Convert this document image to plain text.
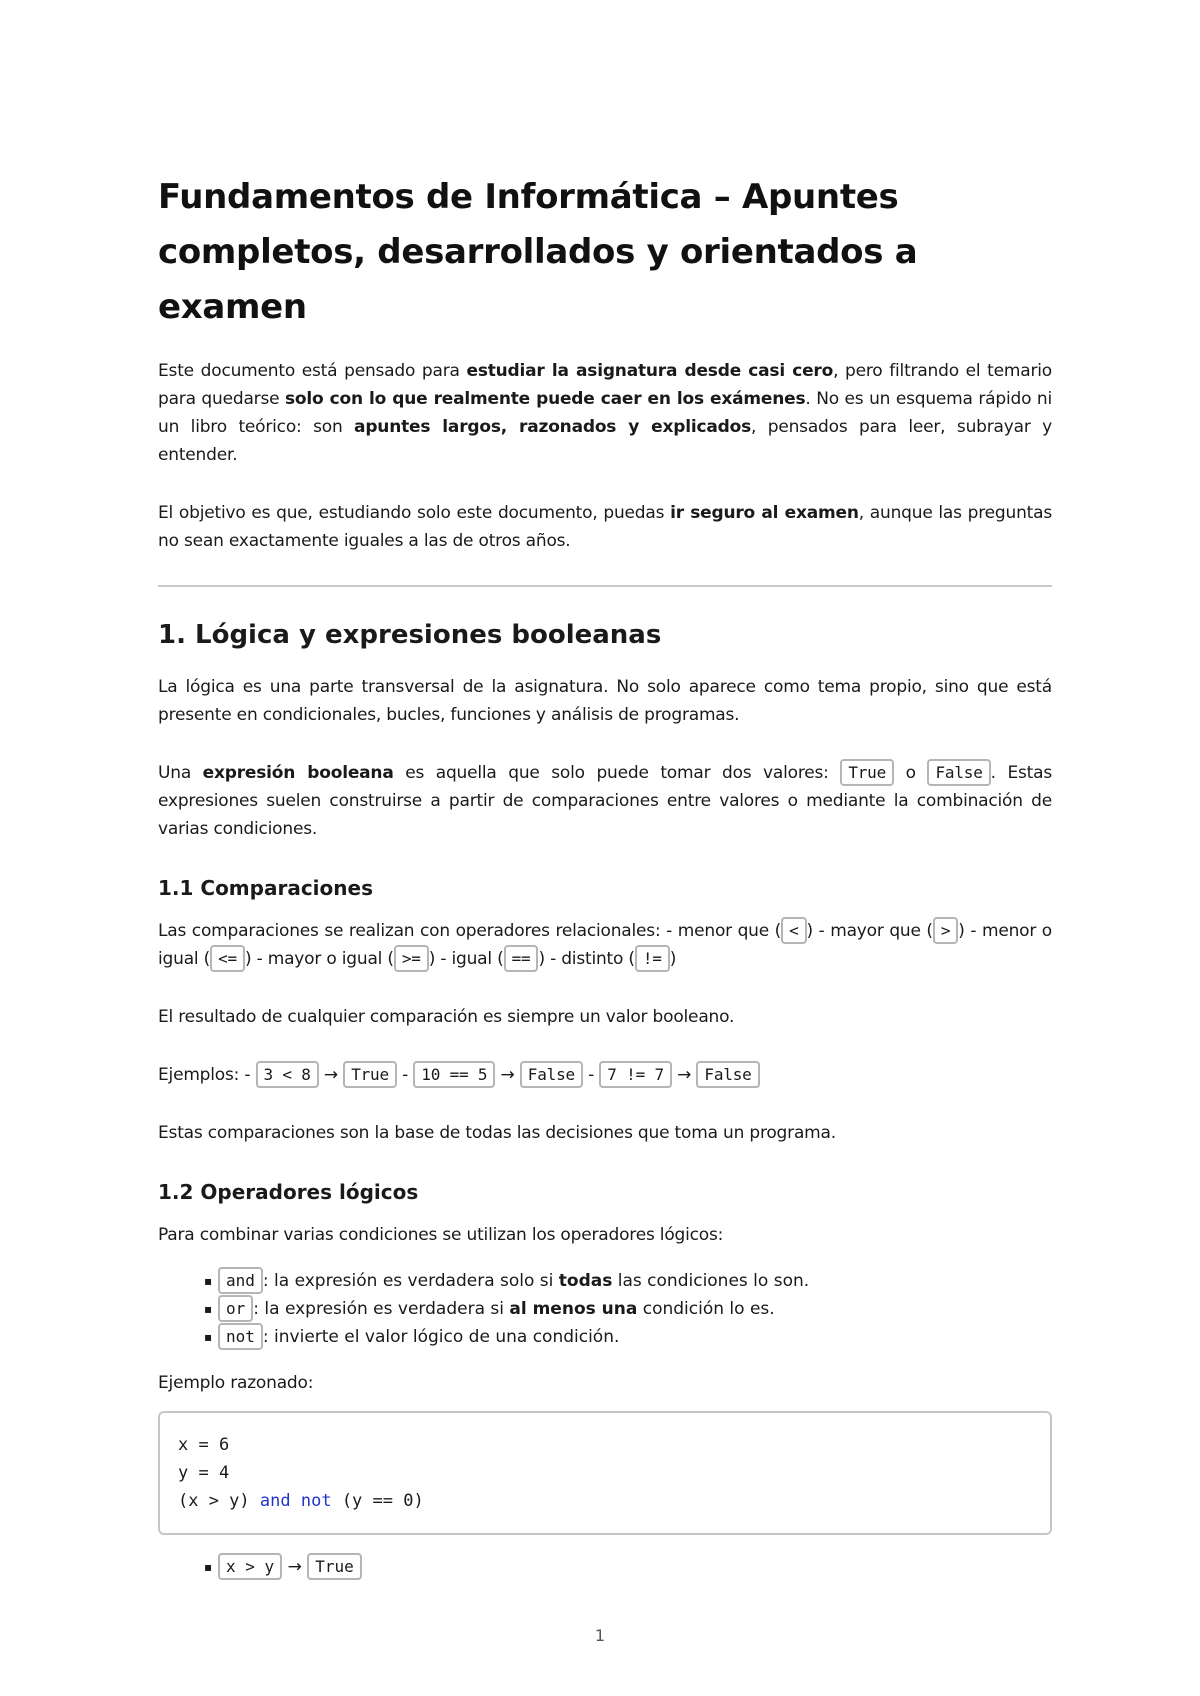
Fundamentos de Informática – Apuntes completos, desarrollados y orientados a examen

Este documento está pensado para estudiar la asignatura desde casi cero, pero filtrando el temario para quedarse solo con lo que realmente puede caer en los exámenes. No es un esquema rápido ni un libro teórico: son apuntes largos, razonados y explicados, pensados para leer, subrayar y entender.

El objetivo es que, estudiando solo este documento, puedas ir seguro al examen, aunque las preguntas no sean exactamente iguales a las de otros años.

1. Lógica y expresiones booleanas

La lógica es una parte transversal de la asignatura. No solo aparece como tema propio, sino que está presente en condicionales, bucles, funciones y análisis de programas.

Una expresión booleana es aquella que solo puede tomar dos valores: True o False . Estas expresiones suelen construirse a partir de comparaciones entre valores o mediante la combinación de varias condiciones.

1.1 Comparaciones

Las comparaciones se realizan con operadores relacionales: - menor que ( < ) - mayor que ( > ) - menor o igual ( <= ) - mayor o igual ( >= ) - igual ( == ) - distinto ( != )

El resultado de cualquier comparación es siempre un valor booleano.

Ejemplos: - 3 < 8 → True - 10 == 5 → False - 7 != 7 → False

Estas comparaciones son la base de todas las decisiones que toma un programa.

1.2 Operadores lógicos

Para combinar varias condiciones se utilizan los operadores lógicos:

▪ and : la expresión es verdadera solo si todas las condiciones lo son.
▪ or : la expresión es verdadera si al menos una condición lo es.
▪ not : invierte el valor lógico de una condición.

Ejemplo razonado:

x = 6
y = 4
(x > y) and not (y == 0)
▪ x > y → True
1
